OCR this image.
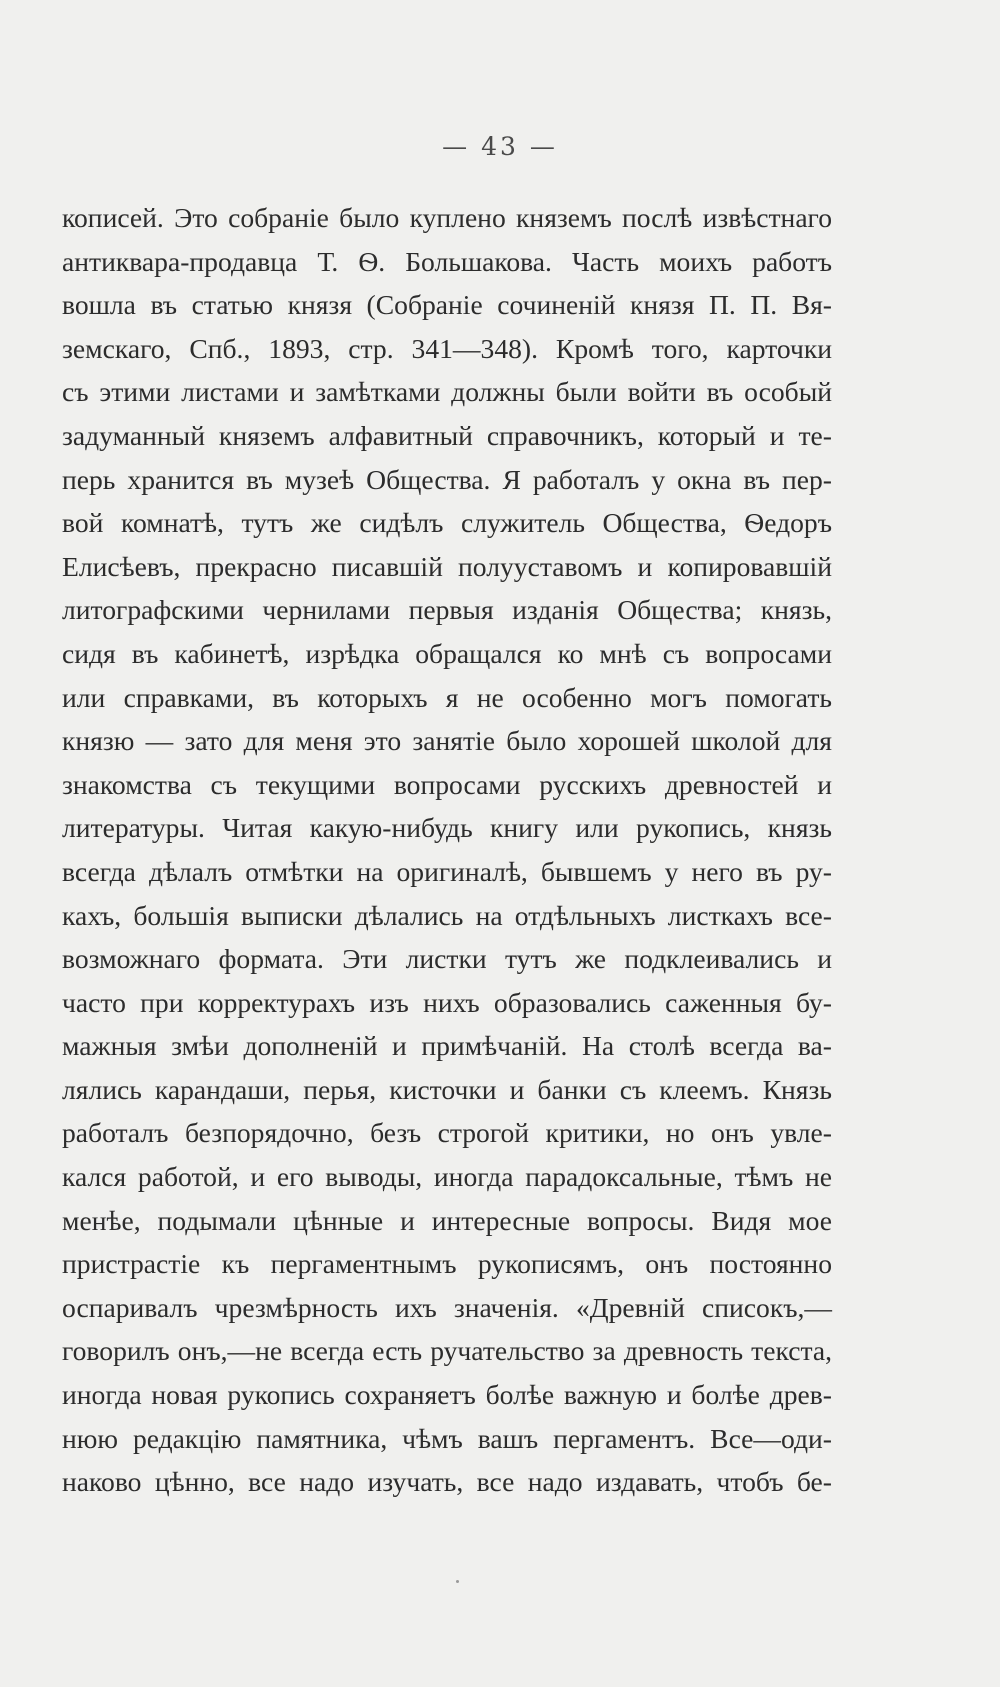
— 43 —
кописей. Это собраніе было куплено княземъ послѣ извѣстнаго
антиквара-продавца Т. Ѳ. Большакова. Часть моихъ работъ
вошла въ статью князя (Собраніе сочиненій князя П. П. Вя-
земскаго, Спб., 1893, стр. 341—348). Кромѣ того, карточки
съ этими листами и замѣтками должны были войти въ особый
задуманный княземъ алфавитный справочникъ, который и те-
перь хранится въ музеѣ Общества. Я работалъ у окна въ пер-
вой комнатѣ, тутъ же сидѣлъ служитель Общества, Ѳедоръ
Елисѣевъ, прекрасно писавшій полууставомъ и копировавшій
литографскими чернилами первыя изданія Общества; князь,
сидя въ кабинетѣ, изрѣдка обращался ко мнѣ съ вопросами
или справками, въ которыхъ я не особенно могъ помогать
князю — зато для меня это занятіе было хорошей школой для
знакомства съ текущими вопросами русскихъ древностей и
литературы. Читая какую-нибудь книгу или рукопись, князь
всегда дѣлалъ отмѣтки на оригиналѣ, бывшемъ у него въ ру-
кахъ, большія выписки дѣлались на отдѣльныхъ листкахъ все-
возможнаго формата. Эти листки тутъ же подклеивались и
часто при корректурахъ изъ нихъ образовались саженныя бу-
мажныя змѣи дополненій и примѣчаній. На столѣ всегда ва-
лялись карандаши, перья, кисточки и банки съ клеемъ. Князь
работалъ безпорядочно, безъ строгой критики, но онъ увле-
кался работой, и его выводы, иногда парадоксальные, тѣмъ не
менѣе, подымали цѣнные и интересные вопросы. Видя мое
пристрастіе къ пергаментнымъ рукописямъ, онъ постоянно
оспаривалъ чрезмѣрность ихъ значенія. «Древній списокъ,—
говорилъ онъ,—не всегда есть ручательство за древность текста,
иногда новая рукопись сохраняетъ болѣе важную и болѣе древ-
нюю редакцію памятника, чѣмъ вашъ пергаментъ. Все—оди-
наково цѣнно, все надо изучать, все надо издавать, чтобъ бе-
